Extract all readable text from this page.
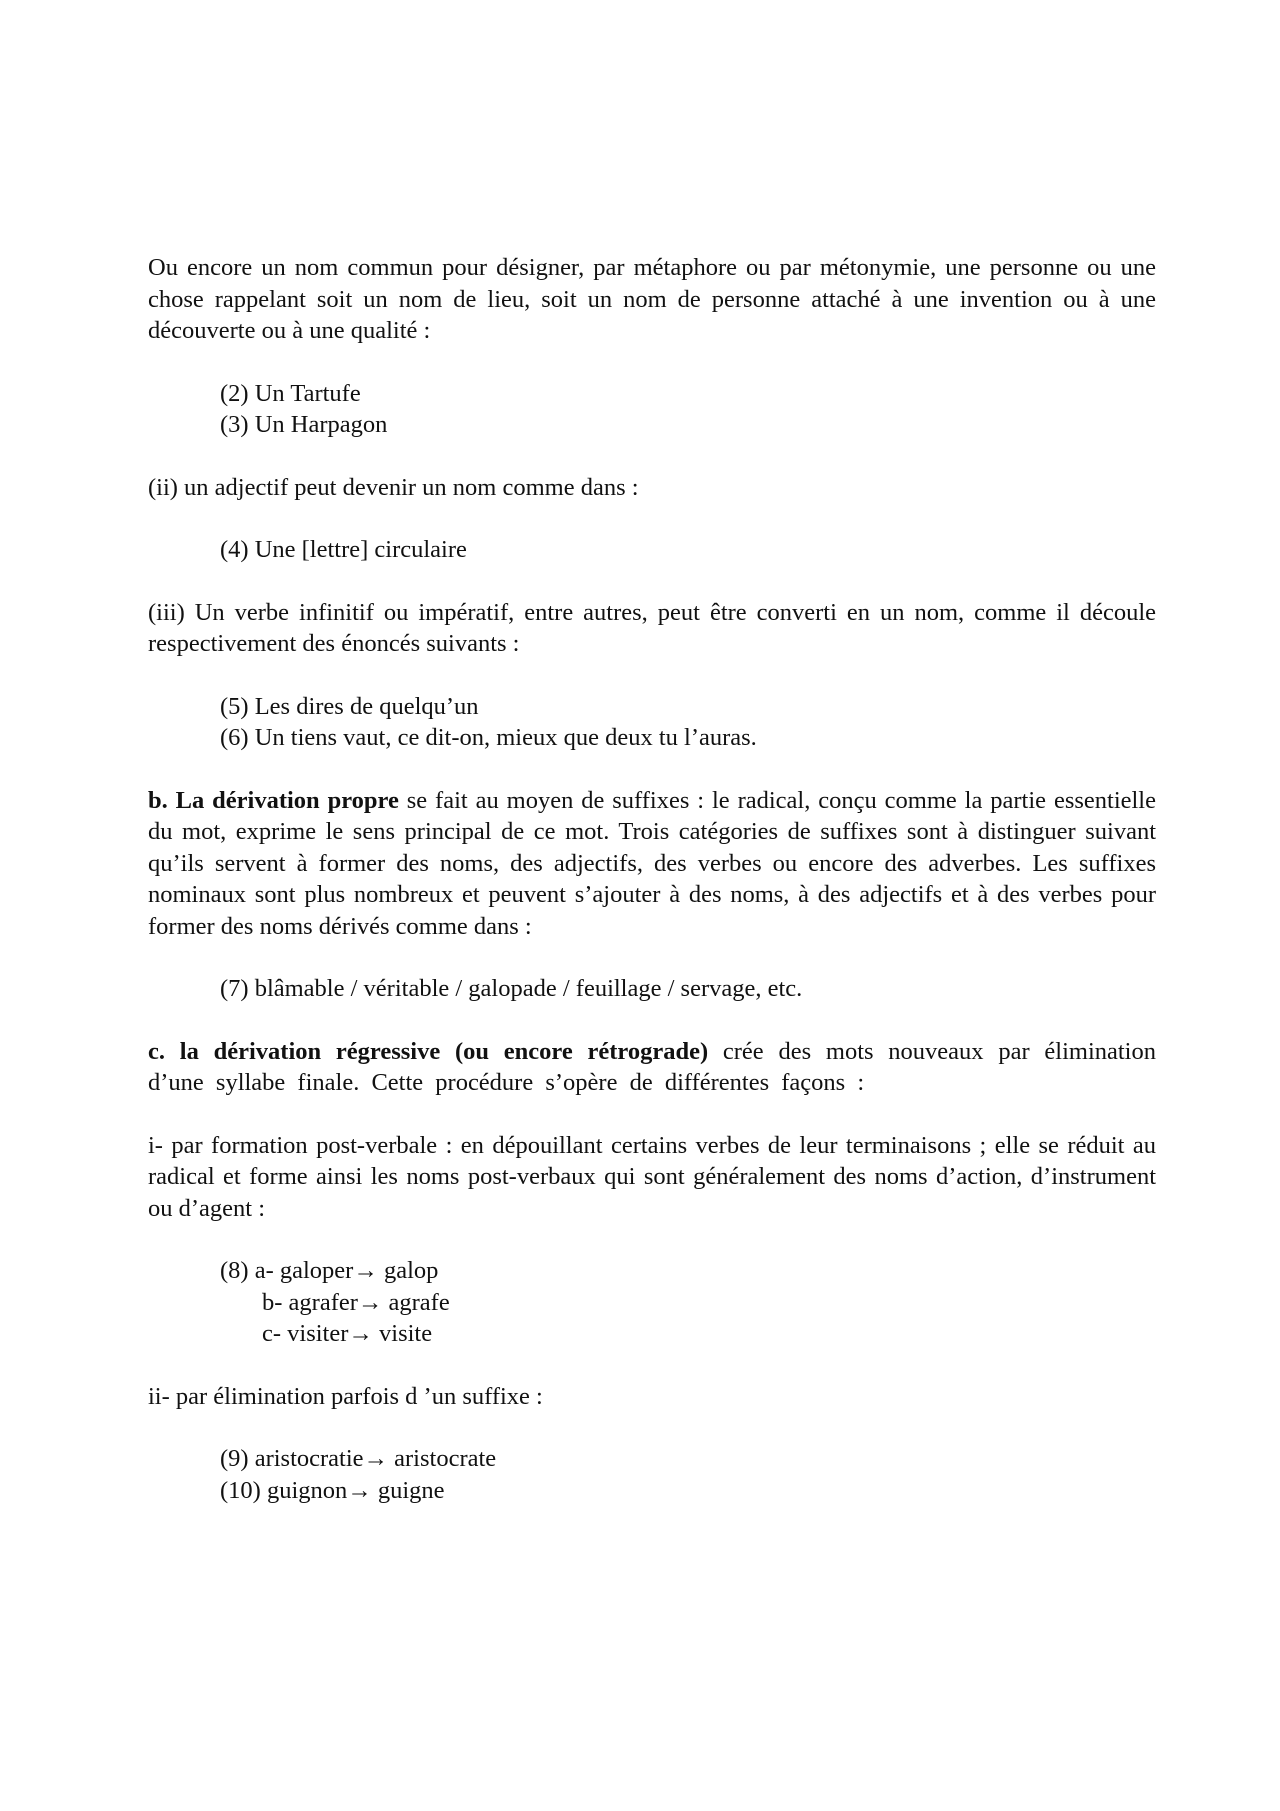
Ou encore un nom commun pour désigner, par métaphore ou par métonymie, une personne ou une chose rappelant soit un nom de lieu, soit un nom de personne attaché à une invention ou à une découverte ou à une qualité :

(2) Un Tartufe
(3) Un Harpagon

(ii) un adjectif peut devenir un nom comme dans :

(4) Une [lettre] circulaire

(iii) Un verbe infinitif ou impératif, entre autres, peut être converti en un nom, comme il découle respectivement des énoncés suivants :

(5) Les dires de quelqu’un
(6) Un tiens vaut, ce dit-on, mieux que deux tu l’auras.

b. La dérivation propre se fait au moyen de suffixes : le radical, conçu comme la partie essentielle du mot, exprime le sens principal de ce mot. Trois catégories de suffixes sont à distinguer suivant qu’ils servent à former des noms, des adjectifs, des verbes ou encore des adverbes. Les suffixes nominaux sont plus nombreux et peuvent s’ajouter à des noms, à des adjectifs et à des verbes pour former des noms dérivés comme dans :

(7) blâmable / véritable / galopade / feuillage / servage, etc.

c. la dérivation régressive (ou encore rétrograde) crée des mots nouveaux par élimination d’une syllabe finale. Cette procédure s’opère de différentes façons :

i- par formation post-verbale : en dépouillant certains verbes de leur terminaisons ; elle se réduit au radical et forme ainsi les noms post-verbaux qui sont généralement des noms d’action, d’instrument ou d’agent :

(8) a- galoper→ galop
b- agrafer→ agrafe
c- visiter→ visite

ii- par élimination parfois d ’un suffixe :

(9) aristocratie→ aristocrate
(10) guignon→ guigne
